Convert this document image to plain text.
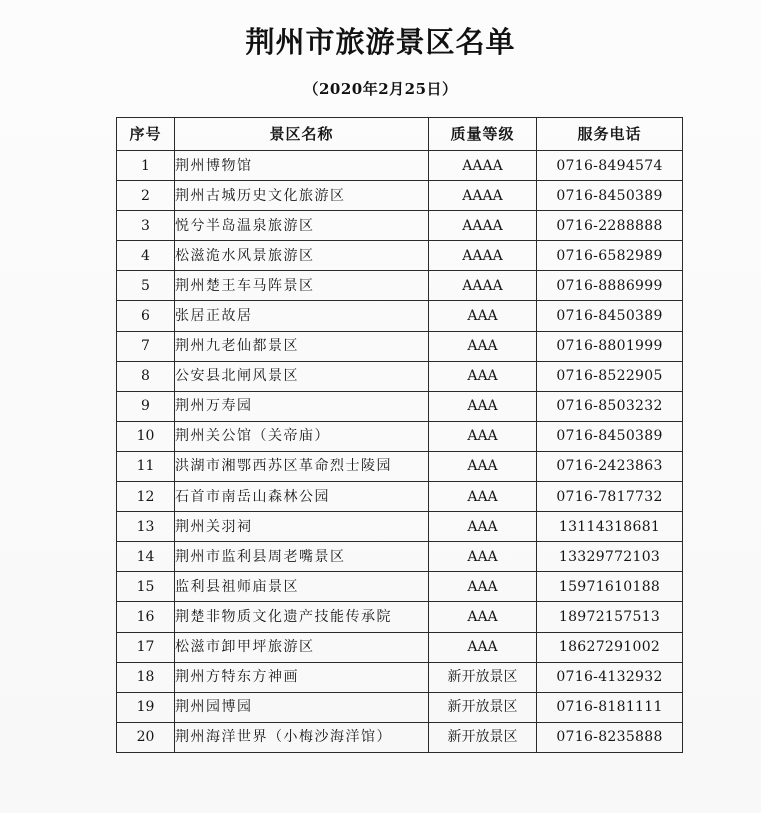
荆州市旅游景区名单
（2020年2月25日）
序号	景区名称	质量等级	服务电话
1	荆州博物馆	AAAA	0716-8494574
2	荆州古城历史文化旅游区	AAAA	0716-8450389
3	悦兮半岛温泉旅游区	AAAA	0716-2288888
4	松滋洈水风景旅游区	AAAA	0716-6582989
5	荆州楚王车马阵景区	AAAA	0716-8886999
6	张居正故居	AAA	0716-8450389
7	荆州九老仙都景区	AAA	0716-8801999
8	公安县北闸风景区	AAA	0716-8522905
9	荆州万寿园	AAA	0716-8503232
10	荆州关公馆（关帝庙）	AAA	0716-8450389
11	洪湖市湘鄂西苏区革命烈士陵园	AAA	0716-2423863
12	石首市南岳山森林公园	AAA	0716-7817732
13	荆州关羽祠	AAA	13114318681
14	荆州市监利县周老嘴景区	AAA	13329772103
15	监利县祖师庙景区	AAA	15971610188
16	荆楚非物质文化遗产技能传承院	AAA	18972157513
17	松滋市卸甲坪旅游区	AAA	18627291002
18	荆州方特东方神画	新开放景区	0716-4132932
19	荆州园博园	新开放景区	0716-8181111
20	荆州海洋世界（小梅沙海洋馆）	新开放景区	0716-8235888
